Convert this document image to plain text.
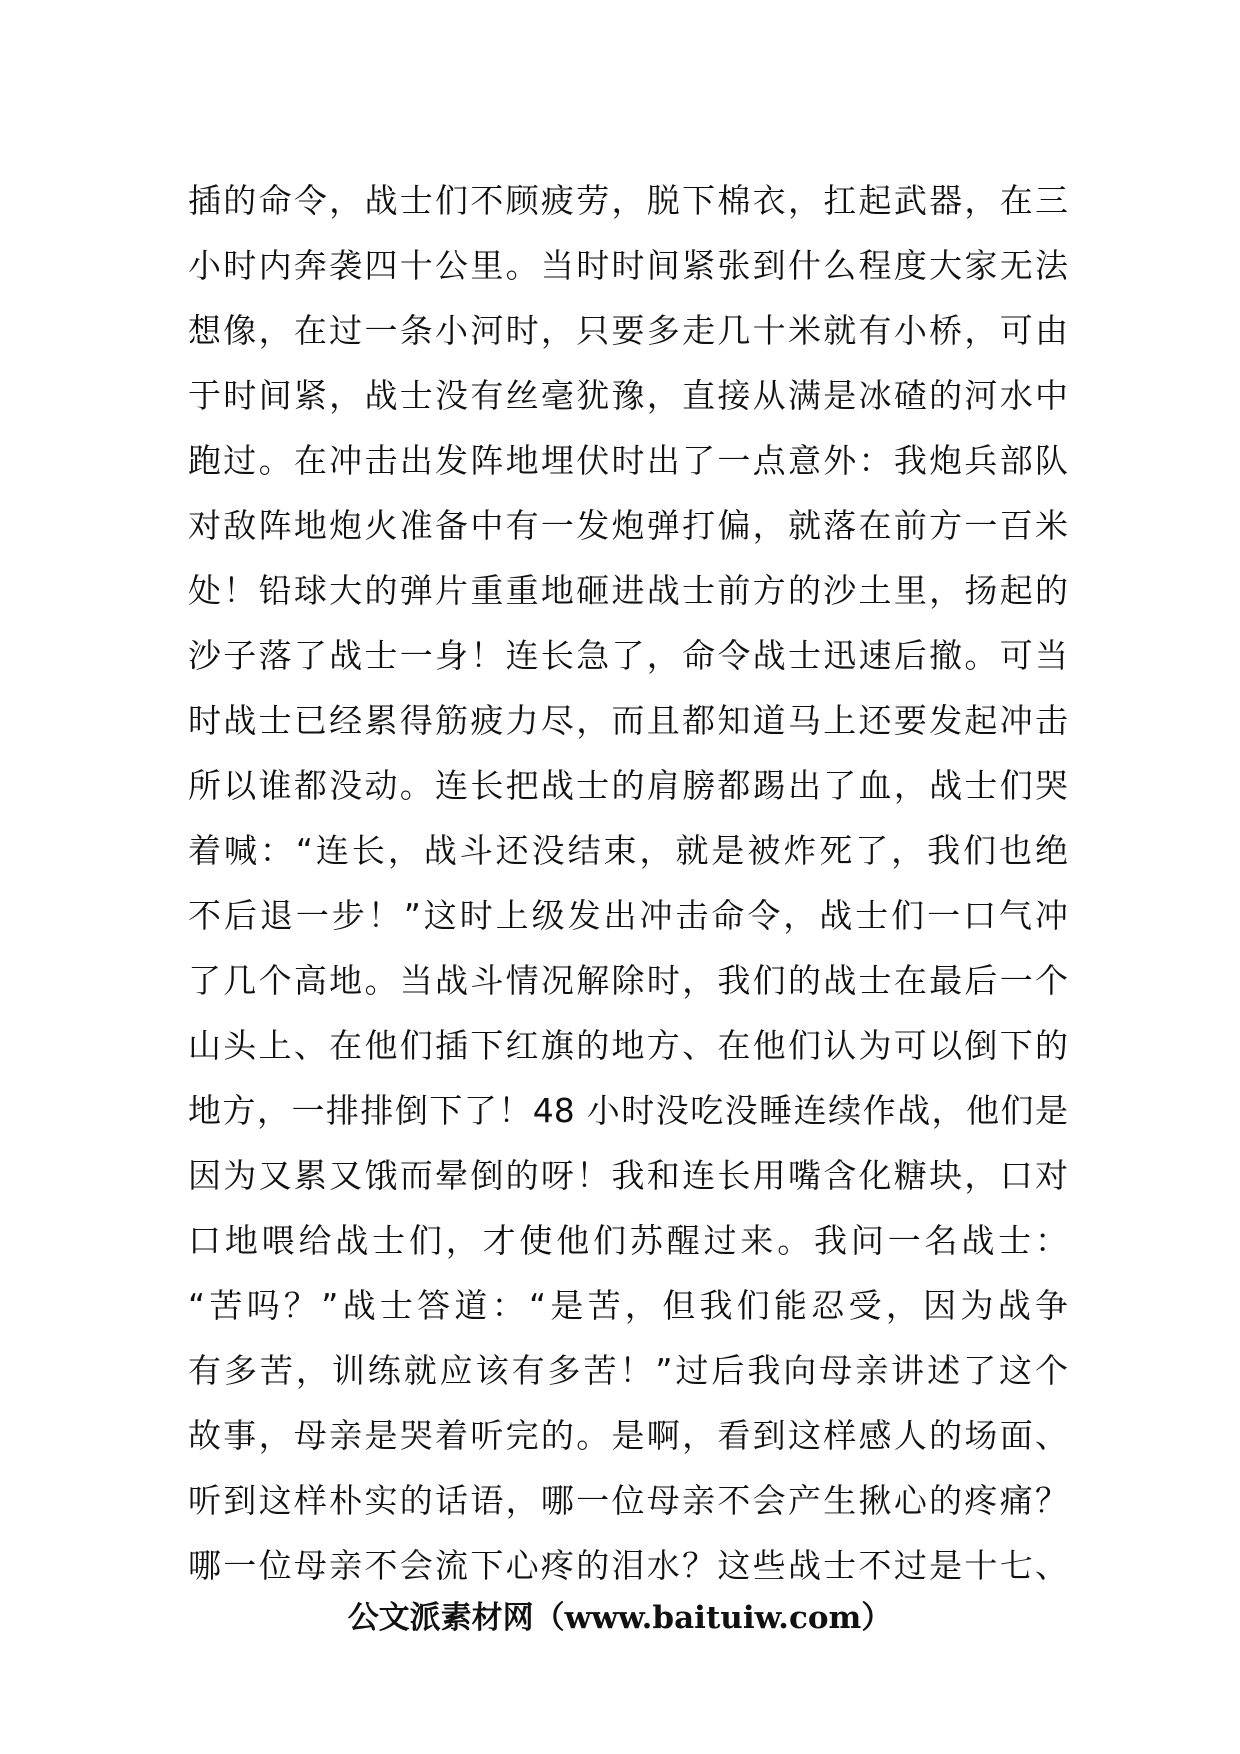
插的命令，战士们不顾疲劳，脱下棉衣，扛起武器，在三
小时内奔袭四十公里。当时时间紧张到什么程度大家无法
想像，在过一条小河时，只要多走几十米就有小桥，可由
于时间紧，战士没有丝毫犹豫，直接从满是冰碴的河水中
跑过。在冲击出发阵地埋伏时出了一点意外：我炮兵部队
对敌阵地炮火准备中有一发炮弹打偏，就落在前方一百米
处！铅球大的弹片重重地砸进战士前方的沙土里，扬起的
沙子落了战士一身！连长急了，命令战士迅速后撤。可当
时战士已经累得筋疲力尽，而且都知道马上还要发起冲击
所以谁都没动。连长把战士的肩膀都踢出了血，战士们哭
着喊：“连长，战斗还没结束，就是被炸死了，我们也绝
不后退一步！”这时上级发出冲击命令，战士们一口气冲
了几个高地。当战斗情况解除时，我们的战士在最后一个
山头上、在他们插下红旗的地方、在他们认为可以倒下的
地方，一排排倒下了！48 小时没吃没睡连续作战，他们是
因为又累又饿而晕倒的呀！我和连长用嘴含化糖块，口对
口地喂给战士们，才使他们苏醒过来。我问一名战士：
“苦吗？”战士答道：“是苦，但我们能忍受，因为战争
有多苦，训练就应该有多苦！”过后我向母亲讲述了这个
故事，母亲是哭着听完的。是啊，看到这样感人的场面、
听到这样朴实的话语，哪一位母亲不会产生揪心的疼痛？
哪一位母亲不会流下心疼的泪水？这些战士不过是十七、
公文派素材网（www.baituiw.com）
